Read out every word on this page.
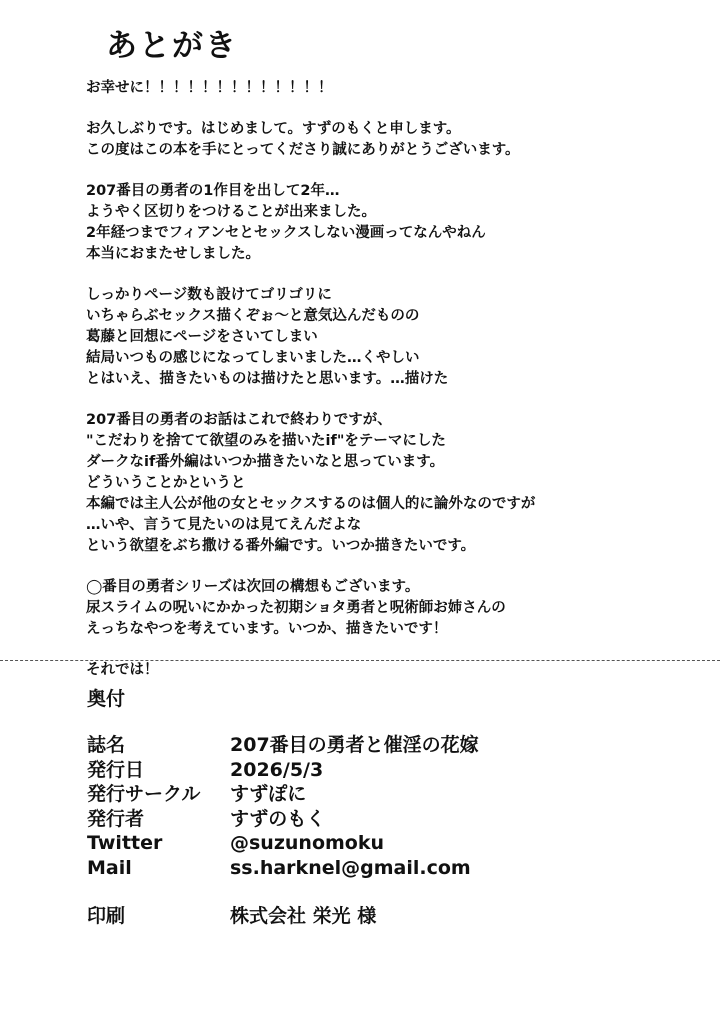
あとがき

お幸せに！！！！！！！！！！！！！

お久しぶりです。はじめまして。すずのもくと申します。
この度はこの本を手にとってくださり誠にありがとうございます。

207番目の勇者の1作目を出して2年…
ようやく区切りをつけることが出来ました。
2年経つまでフィアンセとセックスしない漫画ってなんやねん
本当におまたせしました。

しっかりページ数も設けてゴリゴリに
いちゃらぶセックス描くぞぉ〜と意気込んだものの
葛藤と回想にページをさいてしまい
結局いつもの感じになってしまいました…くやしい
とはいえ、描きたいものは描けたと思います。…描けた

207番目の勇者のお話はこれで終わりですが、
"こだわりを捨てて欲望のみを描いたif"をテーマにした
ダークなif番外編はいつか描きたいなと思っています。
どういうことかというと
本編では主人公が他の女とセックスするのは個人的に論外なのですが
…いや、言うて見たいのは見てえんだよな
という欲望をぶち撒ける番外編です。いつか描きたいです。

◯番目の勇者シリーズは次回の構想もございます。
尿スライムの呪いにかかった初期ショタ勇者と呪術師お姉さんの
えっちなやつを考えています。いつか、描きたいです！

それでは！

奥付
誌名	207番目の勇者と催淫の花嫁
発行日	2026/5/3
発行サークル	すずぽに
発行者	すずのもく
Twitter	@suzunomoku
Mail	ss.harknel@gmail.com
印刷	株式会社 栄光 様
